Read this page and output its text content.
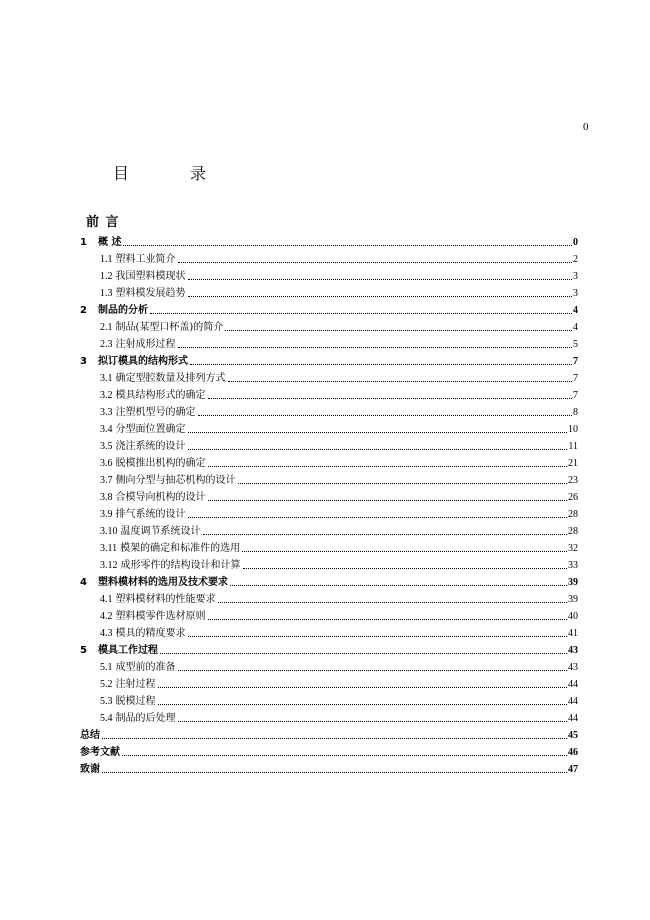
0
目	录
前 言
1	概 述	0
1.1 塑料工业简介	2
1.2 我国塑料模现状	3
1.3 塑料模发展趋势	3
2	制品的分析	4
2.1 制品(某型口杯盖)的简介	4
2.3 注射成形过程	5
3	拟订模具的结构形式	7
3.1 确定型腔数量及排列方式	7
3.2 模具结构形式的确定	7
3.3 注塑机型号的确定	8
3.4 分型面位置确定	10
3.5 浇注系统的设计	11
3.6 脱模推出机构的确定	21
3.7 侧向分型与抽芯机构的设计	23
3.8 合模导向机构的设计	26
3.9 排气系统的设计	28
3.10 温度调节系统设计	28
3.11 模架的确定和标准件的选用	32
3.12 成形零件的结构设计和计算	33
4	塑料模材料的选用及技术要求	39
4.1 塑料模材料的性能要求	39
4.2 塑料模零件选材原则	40
4.3 模具的精度要求	41
5	模具工作过程	43
5.1 成型前的准备	43
5.2 注射过程	44
5.3 脱模过程	44
5.4 制品的后处理	44
总结	45
参考文献	46
致谢	47
